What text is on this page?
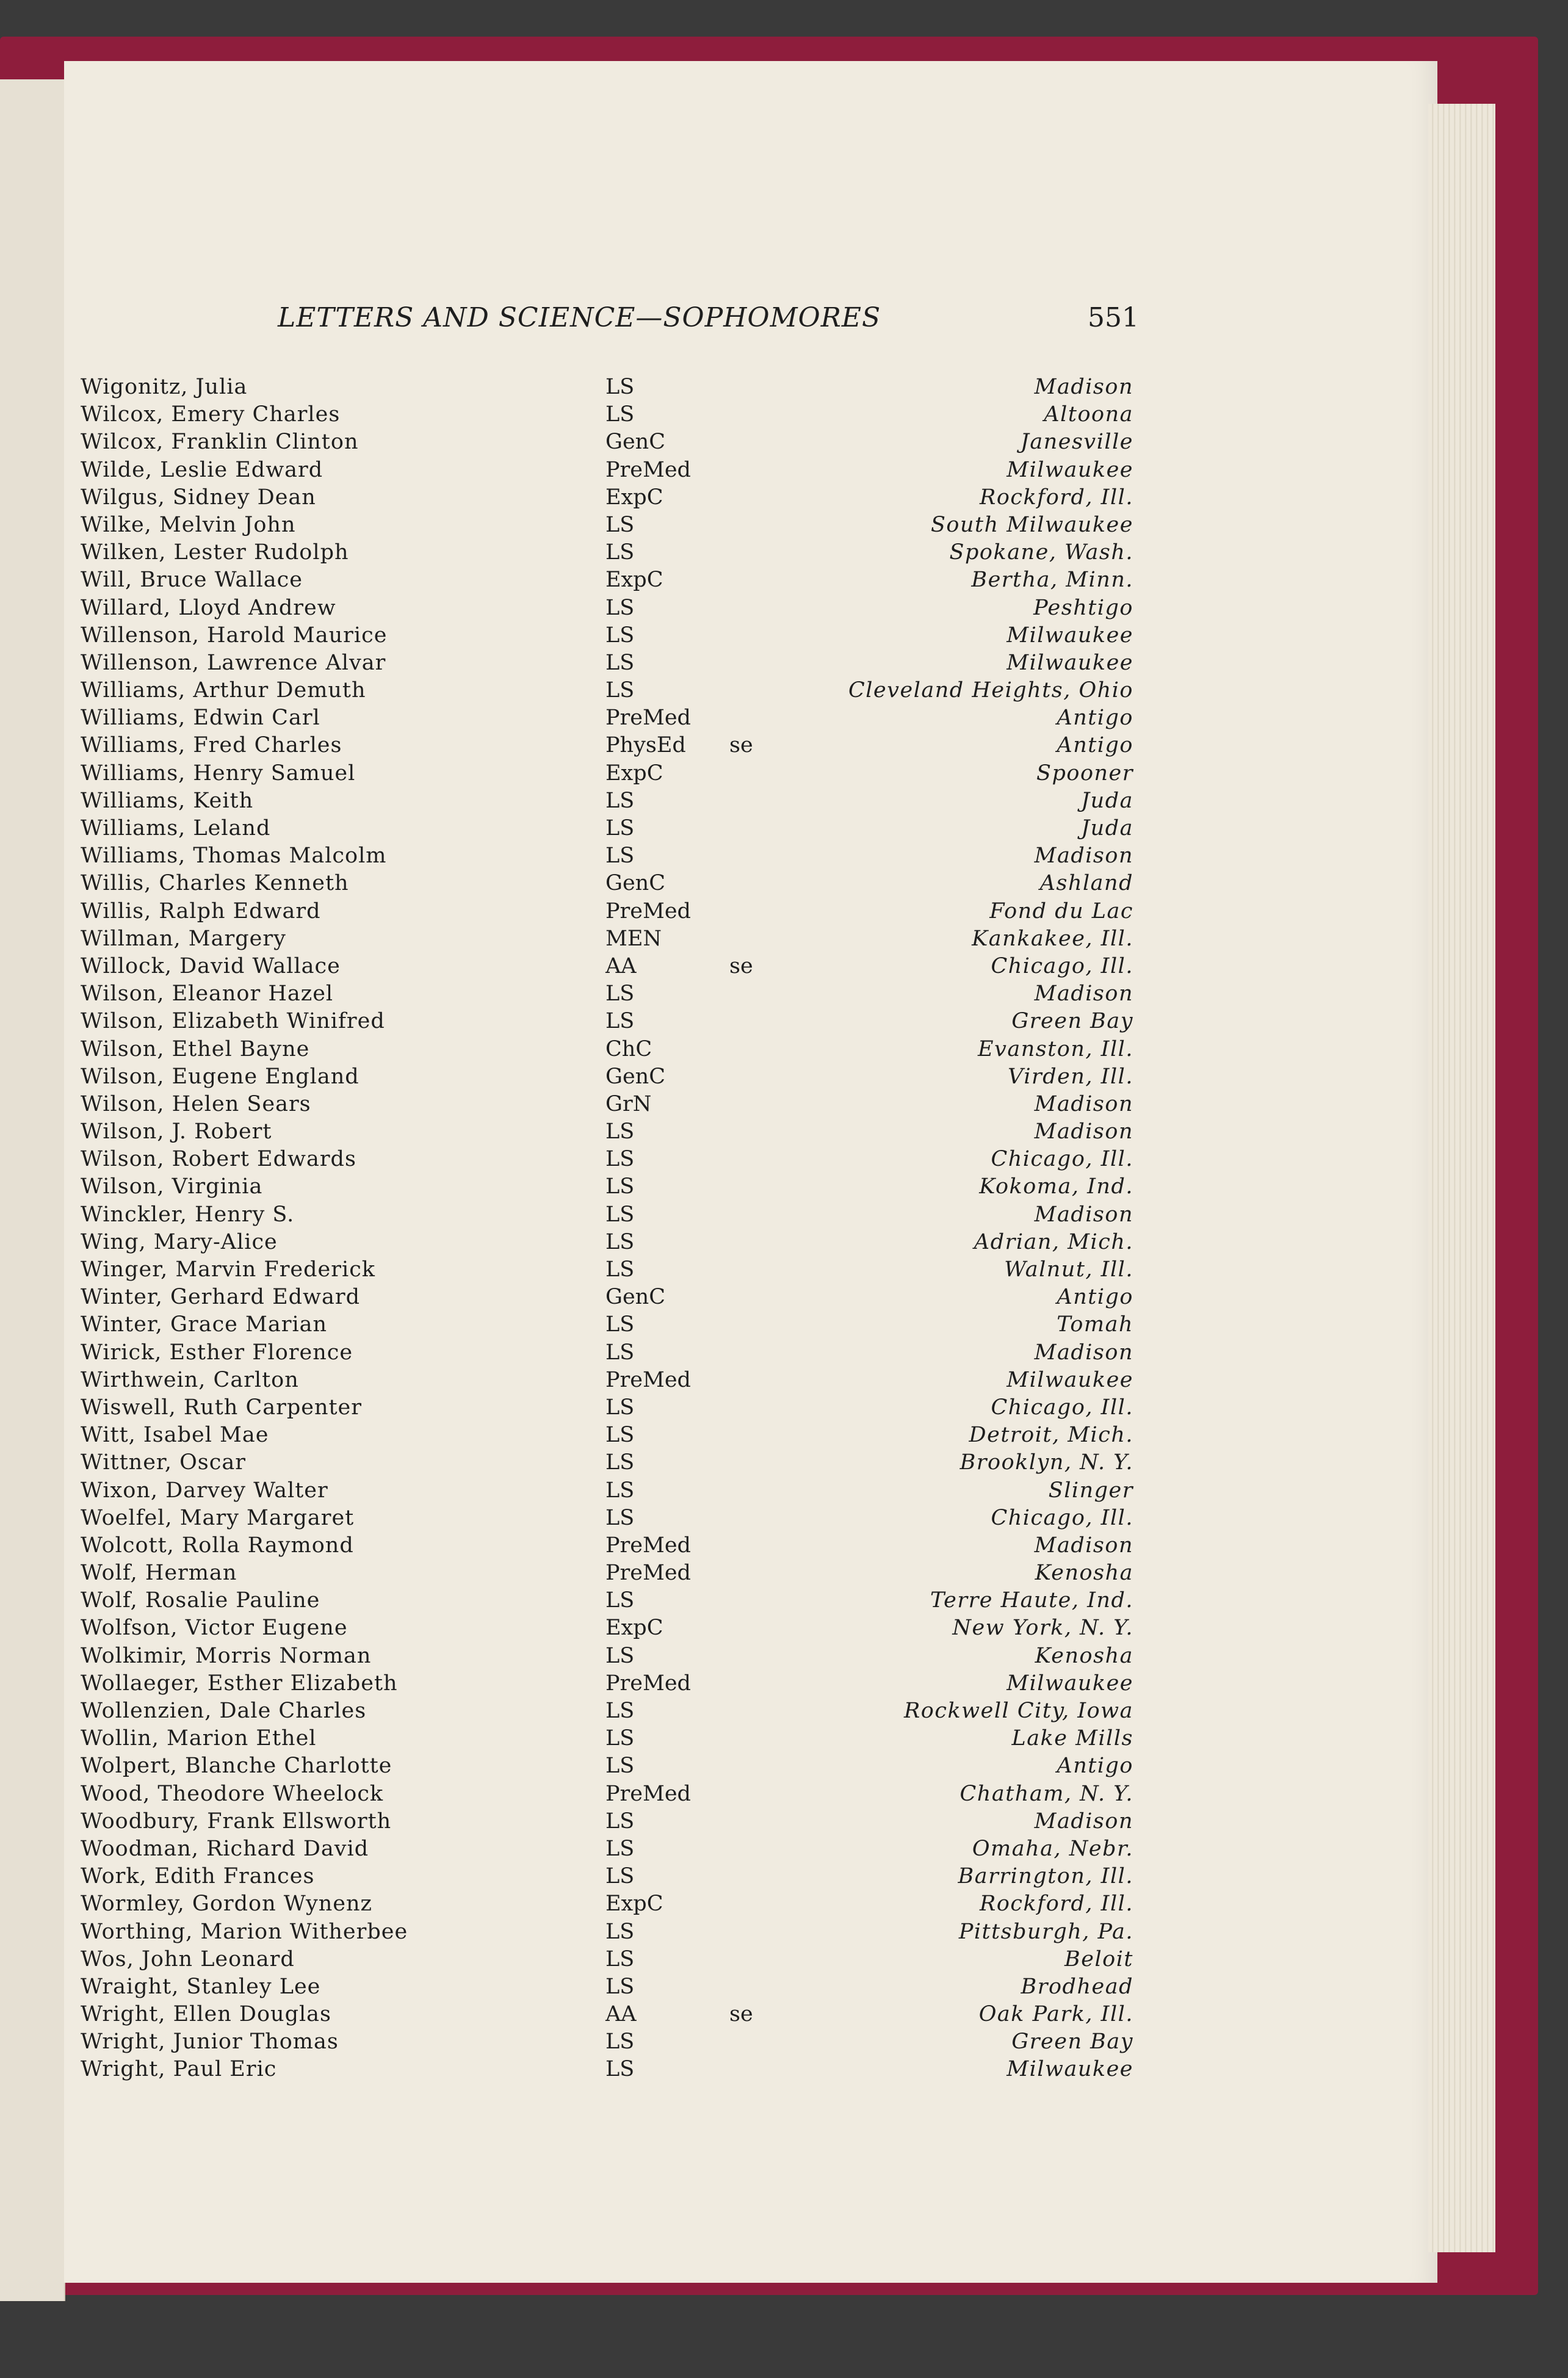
LETTERS AND SCIENCE—SOPHOMORES	551
Wigonitz, Julia	LS	Madison
Wilcox, Emery Charles	LS	Altoona
Wilcox, Franklin Clinton	GenC	Janesville
Wilde, Leslie Edward	PreMed	Milwaukee
Wilgus, Sidney Dean	ExpC	Rockford, Ill.
Wilke, Melvin John	LS	South Milwaukee
Wilken, Lester Rudolph	LS	Spokane, Wash.
Will, Bruce Wallace	ExpC	Bertha, Minn.
Willard, Lloyd Andrew	LS	Peshtigo
Willenson, Harold Maurice	LS	Milwaukee
Willenson, Lawrence Alvar	LS	Milwaukee
Williams, Arthur Demuth	LS	Cleveland Heights, Ohio
Williams, Edwin Carl	PreMed	Antigo
Williams, Fred Charles	PhysEd se	Antigo
Williams, Henry Samuel	ExpC	Spooner
Williams, Keith	LS	Juda
Williams, Leland	LS	Juda
Williams, Thomas Malcolm	LS	Madison
Willis, Charles Kenneth	GenC	Ashland
Willis, Ralph Edward	PreMed	Fond du Lac
Willman, Margery	MEN	Kankakee, Ill.
Willock, David Wallace	AA	se	Chicago, Ill.
Wilson, Eleanor Hazel	LS	Madison
Wilson, Elizabeth Winifred	LS	Green Bay
Wilson, Ethel Bayne	ChC	Evanston, Ill.
Wilson, Eugene England	GenC	Virden, Ill.
Wilson, Helen Sears	GrN	Madison
Wilson, J. Robert	LS	Madison
Wilson, Robert Edwards	LS	Chicago, Ill.
Wilson, Virginia	LS	Kokoma, Ind.
Winckler, Henry S.	LS	Madison
Wing, Mary-Alice	LS	Adrian, Mich.
Winger, Marvin Frederick	LS	Walnut, Ill.
Winter, Gerhard Edward	GenC	Antigo
Winter, Grace Marian	LS	Tomah
Wirick, Esther Florence	LS	Madison
Wirthwein, Carlton	PreMed	Milwaukee
Wiswell, Ruth Carpenter	LS	Chicago, Ill.
Witt, Isabel Mae	LS	Detroit, Mich.
Wittner, Oscar	LS	Brooklyn, N. Y.
Wixon, Darvey Walter	LS	Slinger
Woelfel, Mary Margaret	LS	Chicago, Ill.
Wolcott, Rolla Raymond	PreMed	Madison
Wolf, Herman	PreMed	Kenosha
Wolf, Rosalie Pauline	LS	Terre Haute, Ind.
Wolfson, Victor Eugene	ExpC	New York, N. Y.
Wolkimir, Morris Norman	LS	Kenosha
Wollaeger, Esther Elizabeth	PreMed	Milwaukee
Wollenzien, Dale Charles	LS	Rockwell City, Iowa
Wollin, Marion Ethel	LS	Lake Mills
Wolpert, Blanche Charlotte	LS	Antigo
Wood, Theodore Wheelock	PreMed	Chatham, N. Y.
Woodbury, Frank Ellsworth	LS	Madison
Woodman, Richard David	LS	Omaha, Nebr.
Work, Edith Frances	LS	Barrington, Ill.
Wormley, Gordon Wynenz	ExpC	Rockford, Ill.
Worthing, Marion Witherbee	LS	Pittsburgh, Pa.
Wos, John Leonard	LS	Beloit
Wraight, Stanley Lee	LS	Brodhead
Wright, Ellen Douglas	AA	se	Oak Park, Ill.
Wright, Junior Thomas	LS	Green Bay
Wright, Paul Eric	LS	Milwaukee
